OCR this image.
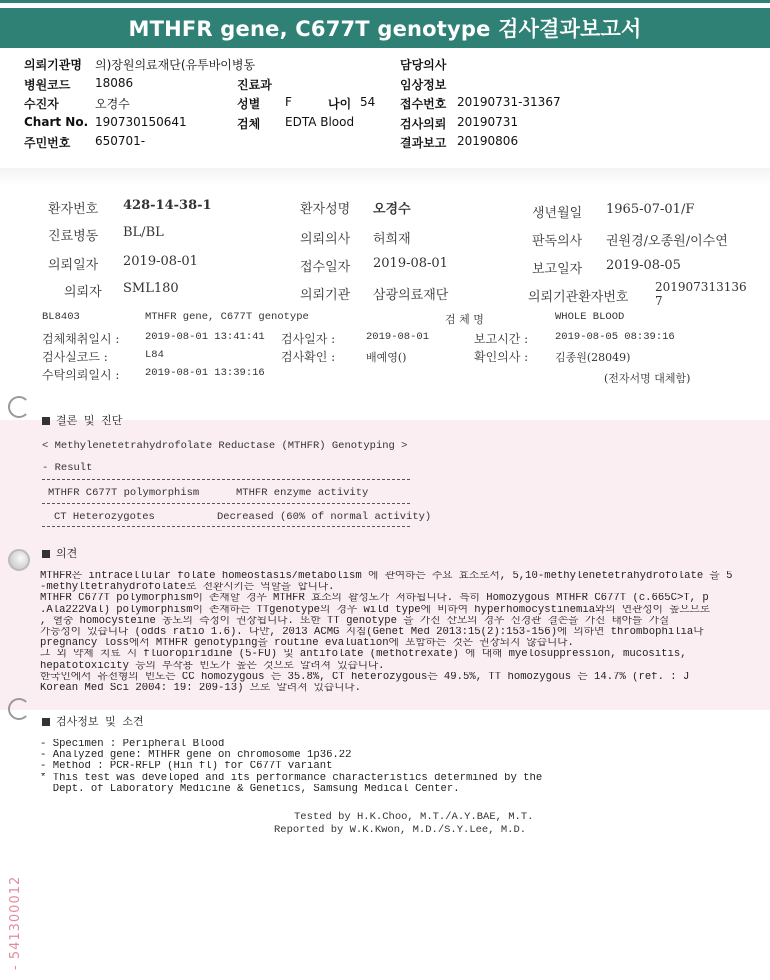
MTHFR gene, C677T genotype 검사결과보고서
의뢰기관명 의)장원의료재단(유투바이병동
병원코드 18086	진료과
수진자	오경수	성별 F	나이 54
Chart No. 190730150641	검체 EDTA Blood
주민번호 650701-
담당의사
임상정보
접수번호 20190731-31367
검사의뢰 20190731
결과보고 20190806
환자번호 428-14-38-1	환자성명 오경수	생년월일 1965-07-01/F
진료병동 BL/BL	의뢰의사 허희재	판독의사 권원경/오종원/이수연
의뢰일자 2019-08-01	접수일자 2019-08-01	보고일자 2019-08-05
의뢰자 SML180	의뢰기관 삼광의료재단	의뢰기관환자번호
201907313136
7
BL8403	MTHFR gene, C677T genotype	검 체 명	WHOLE BLOOD
검체채취일시 : 2019-08-01 13:41:41 검사일자 :	2019-08-01	보고시간 :	2019-08-05 08:39:16
검사실코드 :	L84	검사확인 :	배예영()	확인의사 : 김종원(28049)
수탁의뢰일시 : 2019-08-01 13:39:16	(전자서명 대체함)
결론 및 진단
< Methylenetetrahydrofolate Reductase (MTHFR) Genotyping >
- Result
MTHFR C677T polymorphism	MTHFR enzyme activity
CT Heterozygotes	Decreased (60% of normal activity)
의견
MTHFR은 intracellular folate homeostasis/metabolism 에 관여하는 주요 효소로서, 5,10-methylenetetrahydrofolate 을 5
-methyltetrahydrofolate로 전환시키는 역할을 합니다.
MTHFR C677T polymorphism이 존재할 경우 MTHFR 효소의 활성도가 저하됩니다. 특히 Homozygous MTHFR C677T (c.665C>T, p
.Ala222Val) polymorphism이 존재하는 TTgenotype의 경우 wild type에 비하여 hyperhomocystinemia와의 연관성이 높으므로
, 혈중 homocysteine 농도의 측정이 권장됩니다. 또한 TT genotype 을 가진 산모의 경우 신경관 결손을 가진 태아를 가질
가능성이 있습니다 (odds ratio 1.6). 다만, 2013 ACMG 지침(Genet Med 2013:15(2):153-156)에 의하면 thrombophilia나
pregnancy loss에서 MTHFR genotyping을 routine evaluation에 포함하는 것은 권장되지 않습니다.
그 외 약제 치료 시 fluoropiridine (5-FU) 및 antifolate (methotrexate) 에 대해 myelosuppression, mucositis,
hepatotoxicity 등의 부작용 빈도가 높은 것으로 알려져 있습니다.
한국인에서 유전형의 빈도는 CC homozygous 는 35.8%, CT heterozygous는 49.5%, TT homozygous 는 14.7% (ref. : J
Korean Med Sci 2004: 19: 209-13) 으로 알려져 있습니다.
검사정보 및 소견
- Specimen : Peripheral Blood
- Analyzed gene: MTHFR gene on chromosome 1p36.22
- Method : PCR-RFLP (Hin fl) for C677T variant
* This test was developed and its performance characteristics determined by the
Dept. of Laboratory Medicine & Genetics, Samsung Medical Center.
Tested by H.K.Choo, M.T./A.Y.BAE, M.T.
Reported by W.K.Kwon, M.D./S.Y.Lee, M.D.
- 541300012
